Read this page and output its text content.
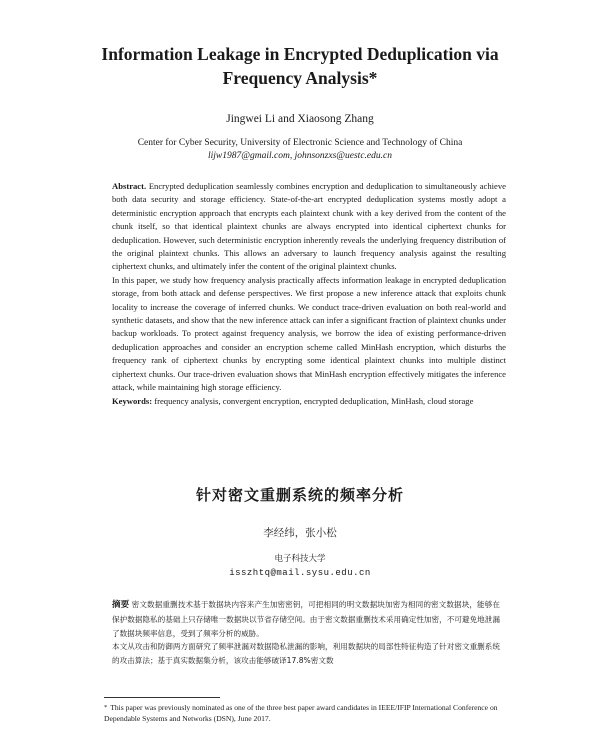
Information Leakage in Encrypted Deduplication via Frequency Analysis*
Jingwei Li and Xiaosong Zhang
Center for Cyber Security, University of Electronic Science and Technology of China
lijw1987@gmail.com, johnsonzxs@uestc.edu.cn

Abstract. Encrypted deduplication seamlessly combines encryption and deduplication to simultaneously achieve both data security and storage efficiency. State-of-the-art encrypted deduplication systems mostly adopt a deterministic encryption approach that encrypts each plaintext chunk with a key derived from the content of the chunk itself, so that identical plaintext chunks are always encrypted into identical ciphertext chunks for deduplication. However, such deterministic encryption inherently reveals the underlying frequency distribution of the original plaintext chunks. This allows an adversary to launch frequency analysis against the resulting ciphertext chunks, and ultimately infer the content of the original plaintext chunks.

In this paper, we study how frequency analysis practically affects information leakage in encrypted deduplication storage, from both attack and defense perspectives. We first propose a new inference attack that exploits chunk locality to increase the coverage of inferred chunks. We conduct trace-driven evaluation on both real-world and synthetic datasets, and show that the new inference attack can infer a significant fraction of plaintext chunks under backup workloads. To protect against frequency analysis, we borrow the idea of existing performance-driven deduplication approaches and consider an encryption scheme called MinHash encryption, which disturbs the frequency rank of ciphertext chunks by encrypting some identical plaintext chunks into multiple distinct ciphertext chunks. Our trace-driven evaluation shows that MinHash encryption effectively mitigates the inference attack, while maintaining high storage efficiency.

Keywords: frequency analysis, convergent encryption, encrypted deduplication, MinHash, cloud storage

针对密文重删系统的频率分析
李经纬，张小松
电子科技大学
isszhtq@mail.sysu.edu.cn

摘要 密文数据重删技术基于数据块内容来产生加密密钥，可把相同的明文数据块加密为相同的密文数据块，能够在保护数据隐私的基础上只存储唯一数据块以节省存储空间。由于密文数据重删技术采用确定性加密，不可避免地泄漏了数据块频率信息，受到了频率分析的威胁。

本文从攻击和防御两方面研究了频率泄漏对数据隐私泄漏的影响，利用数据块的局部性特征构造了针对密文重删系统的攻击算法；基于真实数据集分析，该攻击能够破译17.8%密文数

* This paper was previously nominated as one of the three best paper award candidates in IEEE/IFIP International Conference on Dependable Systems and Networks (DSN), June 2017.
